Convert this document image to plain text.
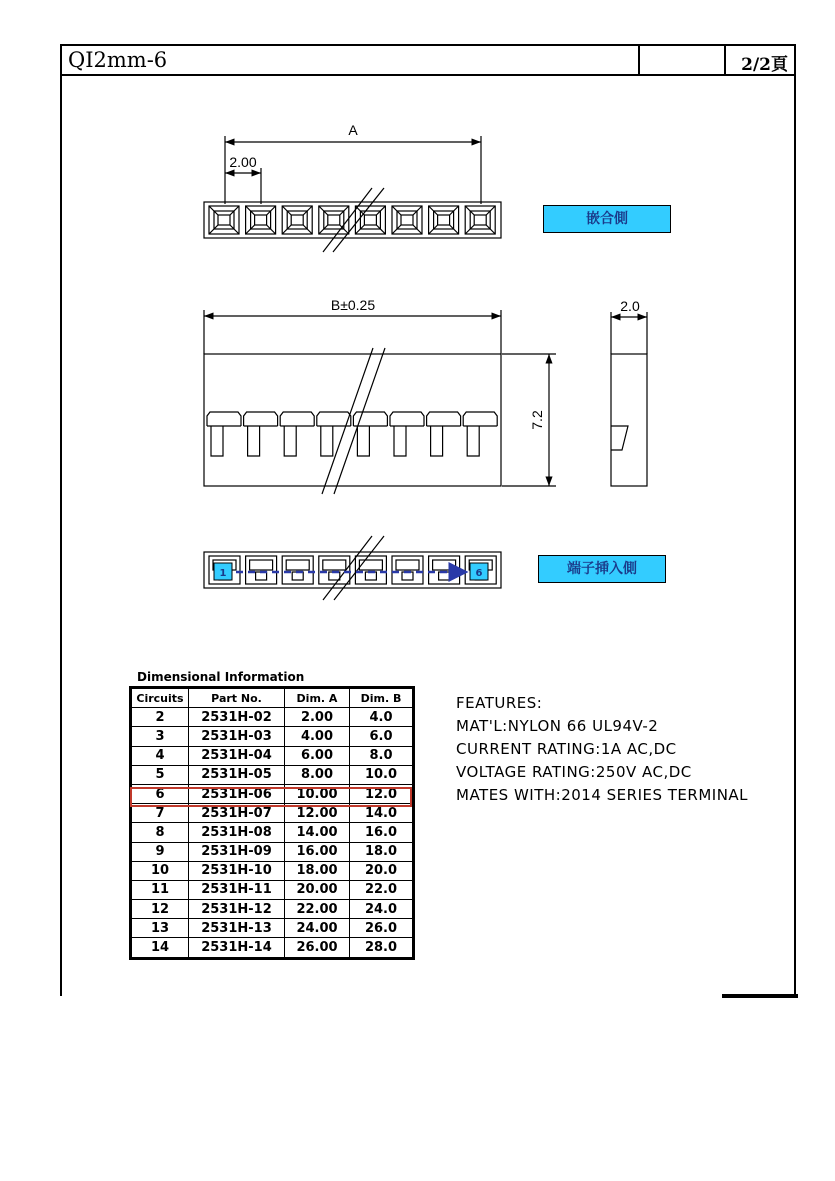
QI2mm-6	2/2頁
A
2.00
B±0.25
7.2
2.0
1	6
嵌合側
端子挿入側
Dimensional Information
Circuits	Part No.	Dim. A	Dim. B
2	2531H-02	2.00	4.0
3	2531H-03	4.00	6.0
4	2531H-04	6.00	8.0
5	2531H-05	8.00	10.0
6	2531H-06	10.00	12.0
7	2531H-07	12.00	14.0
8	2531H-08	14.00	16.0
9	2531H-09	16.00	18.0
10	2531H-10	18.00	20.0
11	2531H-11	20.00	22.0
12	2531H-12	22.00	24.0
13	2531H-13	24.00	26.0
14	2531H-14	26.00	28.0
FEATURES:
MAT'L:NYLON 66 UL94V-2
CURRENT RATING:1A AC,DC
VOLTAGE RATING:250V AC,DC
MATES WITH:2014 SERIES TERMINAL
